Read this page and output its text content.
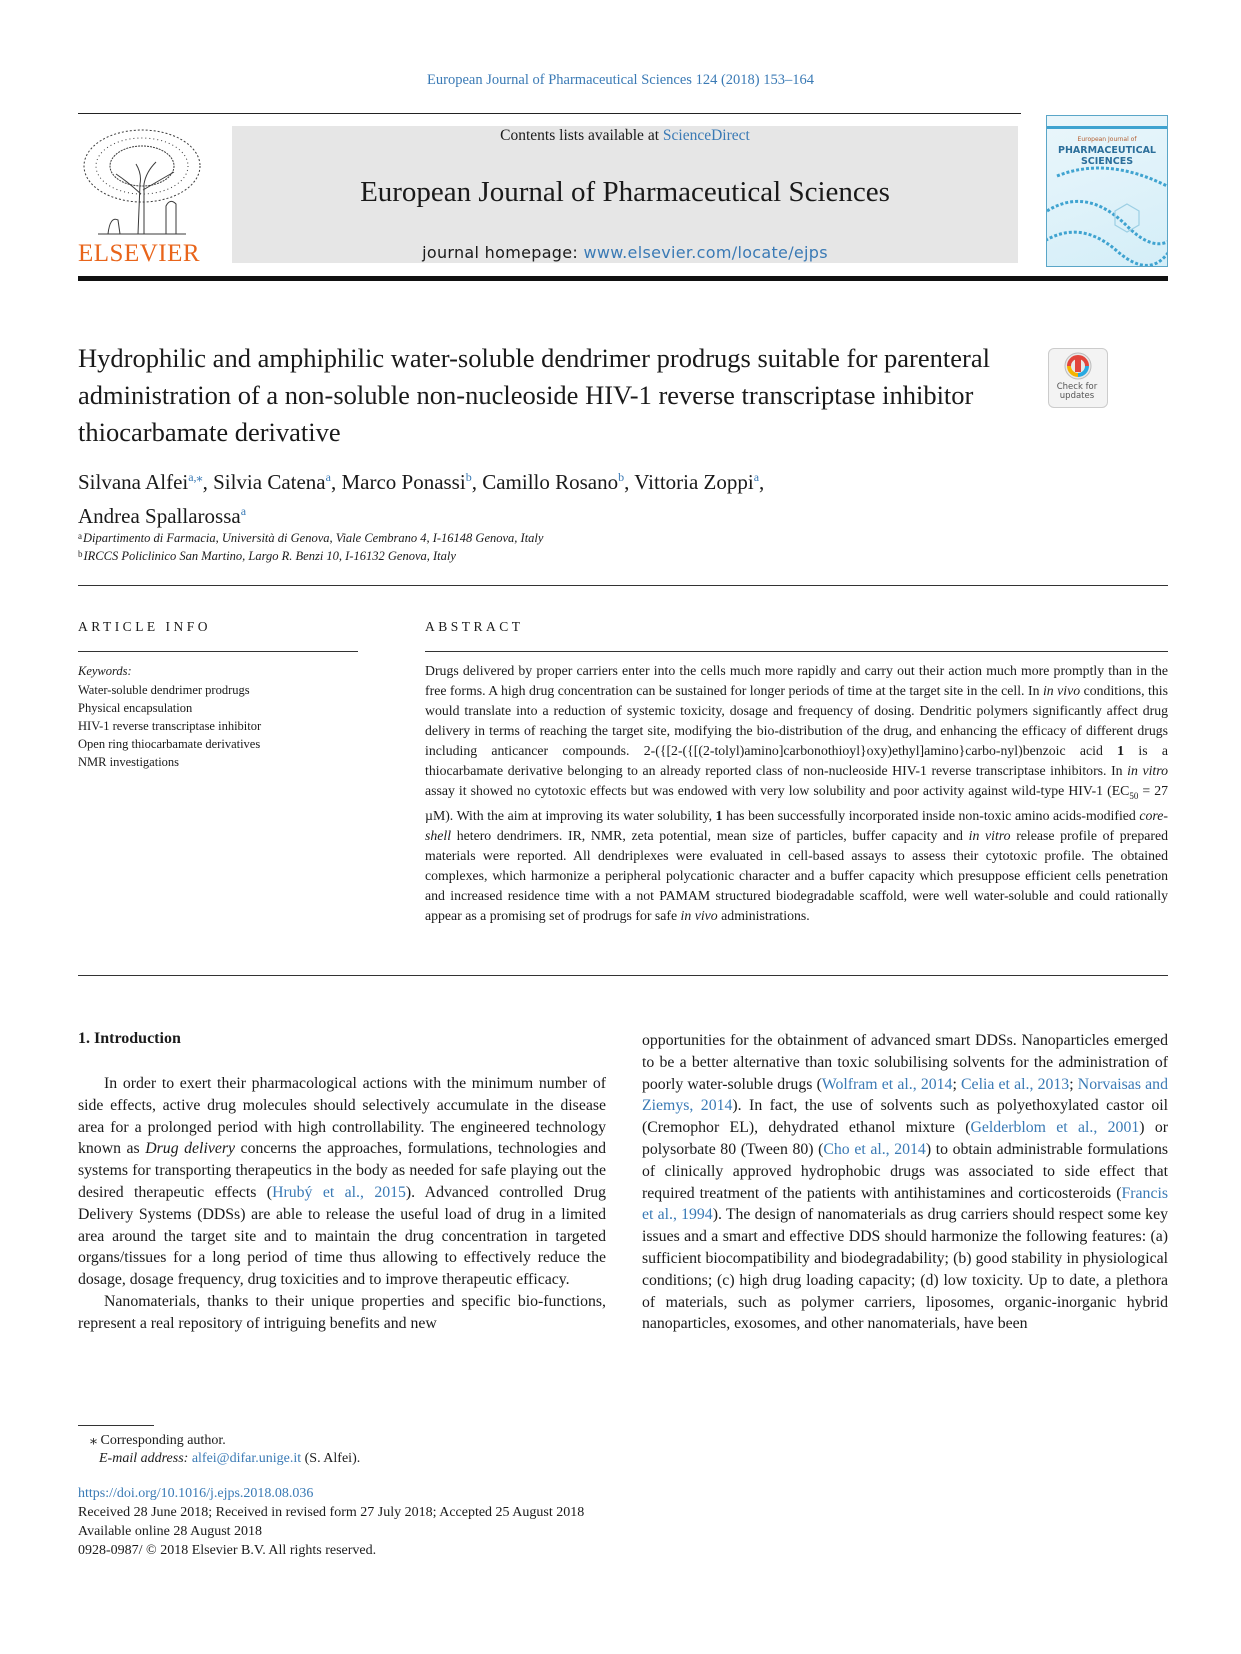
European Journal of Pharmaceutical Sciences 124 (2018) 153–164
ELSEVIER
Contents lists available at ScienceDirect
European Journal of Pharmaceutical Sciences
journal homepage: www.elsevier.com/locate/ejps
European Journal of
PHARMACEUTICAL
SCIENCES
Hydrophilic and amphiphilic water-soluble dendrimer prodrugs suitable for parenteral administration of a non-soluble non-nucleoside HIV-1 reverse transcriptase inhibitor thiocarbamate derivative
Check for updates
Silvana Alfei$^{a,⁎}$, Silvia Catena$^a$, Marco Ponassi$^b$, Camillo Rosano$^b$, Vittoria Zoppi$^a$,
Andrea Spallarossa$^a$
$^a$Dipartimento di Farmacia, Università di Genova, Viale Cembrano 4, I-16148 Genova, Italy
$^b$IRCCS Policlinico San Martino, Largo R. Benzi 10, I-16132 Genova, Italy
ARTICLE INFO	ABSTRACT
Keywords:
Water-soluble dendrimer prodrugs
Physical encapsulation
HIV-1 reverse transcriptase inhibitor
Open ring thiocarbamate derivatives
NMR investigations
Drugs delivered by proper carriers enter into the cells much more rapidly and carry out their action much more promptly than in the free forms. A high drug concentration can be sustained for longer periods of time at the target site in the cell. In in vivo conditions, this would translate into a reduction of systemic toxicity, dosage and frequency of dosing. Dendritic polymers significantly affect drug delivery in terms of reaching the target site, modifying the bio-distribution of the drug, and enhancing the efficacy of different drugs including anticancer compounds. 2-({[2-({[(2-tolyl)amino]carbonothioyl}oxy)ethyl]amino}carbo-nyl)benzoic acid 1 is a thiocarbamate derivative belonging to an already reported class of non-nucleoside HIV-1 reverse transcriptase inhibitors. In in vitro assay it showed no cytotoxic effects but was endowed with very low solubility and poor activity against wild-type HIV-1 ($EC_{50} = 27$ µM). With the aim at improving its water solubility, 1 has been successfully incorporated inside non-toxic amino acids-modified core-shell hetero dendrimers. IR, NMR, zeta potential, mean size of particles, buffer capacity and in vitro release profile of prepared materials were reported. All dendriplexes were evaluated in cell-based assays to assess their cytotoxic profile. The obtained complexes, which harmonize a peripheral polycationic character and a buffer capacity which presuppose efficient cells penetration and increased residence time with a not PAMAM structured biodegradable scaffold, were well water-soluble and could rationally appear as a promising set of prodrugs for safe in vivo administrations.
1. Introduction

In order to exert their pharmacological actions with the minimum number of side effects, active drug molecules should selectively accumulate in the disease area for a prolonged period with high controllability. The engineered technology known as Drug delivery concerns the approaches, formulations, technologies and systems for transporting therapeutics in the body as needed for safe playing out the desired therapeutic effects (Hrubý et al., 2015). Advanced controlled Drug Delivery Systems (DDSs) are able to release the useful load of drug in a limited area around the target site and to maintain the drug concentration in targeted organs/tissues for a long period of time thus allowing to effectively reduce the dosage, dosage frequency, drug toxicities and to improve therapeutic efficacy.

Nanomaterials, thanks to their unique properties and specific bio-functions, represent a real repository of intriguing benefits and new

opportunities for the obtainment of advanced smart DDSs. Nanoparticles emerged to be a better alternative than toxic solubilising solvents for the administration of poorly water-soluble drugs (Wolfram et al., 2014; Celia et al., 2013; Norvaisas and Ziemys, 2014). In fact, the use of solvents such as polyethoxylated castor oil (Cremophor EL), dehydrated ethanol mixture (Gelderblom et al., 2001) or polysorbate 80 (Tween 80) (Cho et al., 2014) to obtain administrable formulations of clinically approved hydrophobic drugs was associated to side effect that required treatment of the patients with antihistamines and corticosteroids (Francis et al., 1994). The design of nanomaterials as drug carriers should respect some key issues and a smart and effective DDS should harmonize the following features: (a) sufficient biocompatibility and biodegradability; (b) good stability in physiological conditions; (c) high drug loading capacity; (d) low toxicity. Up to date, a plethora of materials, such as polymer carriers, liposomes, organic-inorganic hybrid nanoparticles, exosomes, and other nanomaterials, have been

⁎ Corresponding author.
E-mail address: alfei@difar.unige.it (S. Alfei).
https://doi.org/10.1016/j.ejps.2018.08.036
Received 28 June 2018; Received in revised form 27 July 2018; Accepted 25 August 2018
Available online 28 August 2018
0928-0987/ © 2018 Elsevier B.V. All rights reserved.
